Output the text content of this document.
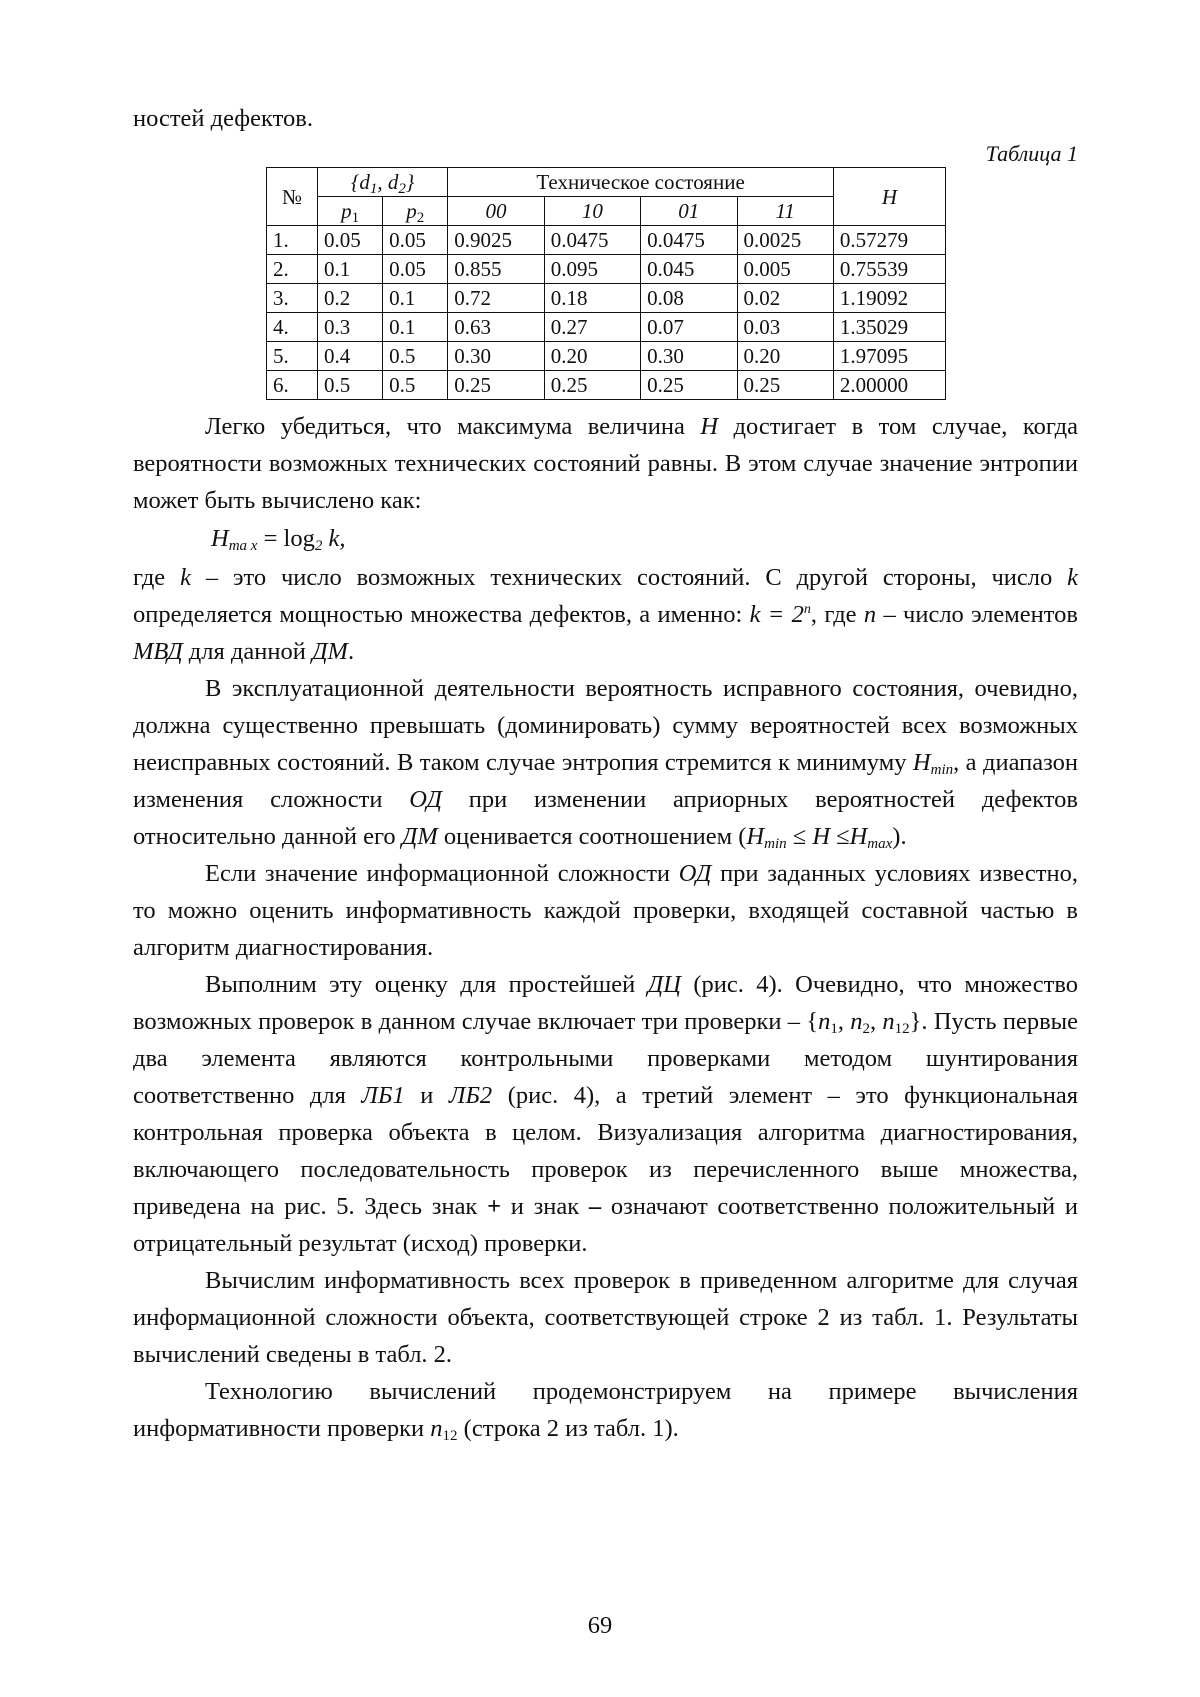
ностей дефектов.

Таблица 1
№	{d1, d2}	Техническое состояние	H
p1	p2	00	10	01	11
1.	0.05	0.05	0.9025	0.0475	0.0475	0.0025	0.57279
2.	0.1	0.05	0.855	0.095	0.045	0.005	0.75539
3.	0.2	0.1	0.72	0.18	0.08	0.02	1.19092
4.	0.3	0.1	0.63	0.27	0.07	0.03	1.35029
5.	0.4	0.5	0.30	0.20	0.30	0.20	1.97095
6.	0.5	0.5	0.25	0.25	0.25	0.25	2.00000

Легко убедиться, что максимума величина H достигает в том случае, когда вероятности возможных технических состояний равны. В этом случае значение энтропии может быть вычислено как:

Hma x = log2 k,

где k – это число возможных технических состояний. С другой стороны, число k определяется мощностью множества дефектов, а именно: k = 2n, где n – число элементов МВД для данной ДМ.

В эксплуатационной деятельности вероятность исправного состояния, очевидно, должна существенно превышать (доминировать) сумму вероятностей всех возможных неисправных состояний. В таком случае энтропия стремится к минимуму Hmin, а диапазон изменения сложности ОД при изменении априорных вероятностей дефектов относительно данной его ДМ оценивается соотношением (Hmin ≤ H ≤Hmax).

Если значение информационной сложности ОД при заданных условиях известно, то можно оценить информативность каждой проверки, входящей составной частью в алгоритм диагностирования.

Выполним эту оценку для простейшей ДЦ (рис. 4). Очевидно, что множество возможных проверок в данном случае включает три проверки – {n1, n2, n12}. Пусть первые два элемента являются контрольными проверками методом шунтирования соответственно для ЛБ1 и ЛБ2 (рис. 4), а третий элемент – это функциональная контрольная проверка объекта в целом. Визуализация алгоритма диагностирования, включающего последовательность проверок из перечисленного выше множества, приведена на рис. 5. Здесь знак + и знак – означают соответственно положительный и отрицательный результат (исход) проверки.

Вычислим информативность всех проверок в приведенном алгоритме для случая информационной сложности объекта, соответствующей строке 2 из табл. 1. Результаты вычислений сведены в табл. 2.

Технологию вычислений продемонстрируем на примере вычисления информативности проверки n12 (строка 2 из табл. 1).

69
